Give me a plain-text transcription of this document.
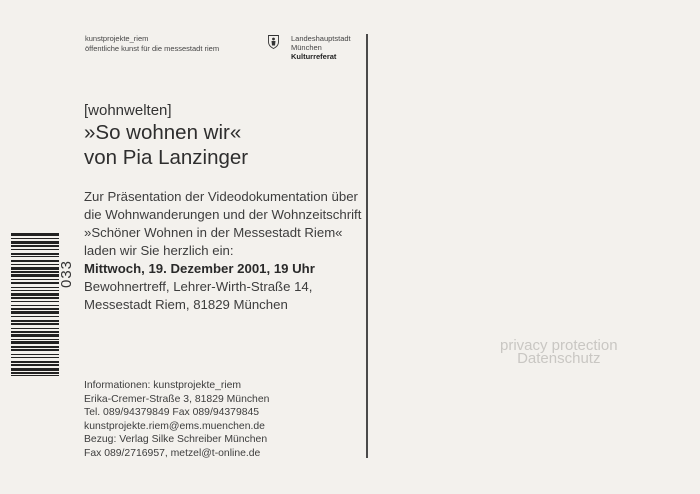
kunstprojekte_riem
öffentliche kunst für die messestadt riem
Landeshauptstadt
München
Kulturreferat
[wohnwelten]
»So wohnen wir«
von Pia Lanzinger
Zur Präsentation der Videodokumentation über
die Wohnwanderungen und der Wohnzeitschrift
»Schöner Wohnen in der Messestadt Riem«
laden wir Sie herzlich ein:
Mittwoch, 19. Dezember 2001, 19 Uhr
Bewohnertreff, Lehrer-Wirth-Straße 14,
Messestadt Riem, 81829 München
Informationen: kunstprojekte_riem
Erika-Cremer-Straße 3, 81829 München
Tel. 089/94379849 Fax 089/94379845
kunstprojekte.riem@ems.muenchen.de
Bezug: Verlag Silke Schreiber München
Fax 089/2716957, metzel@t-online.de
033
privacy protection
Datenschutz
